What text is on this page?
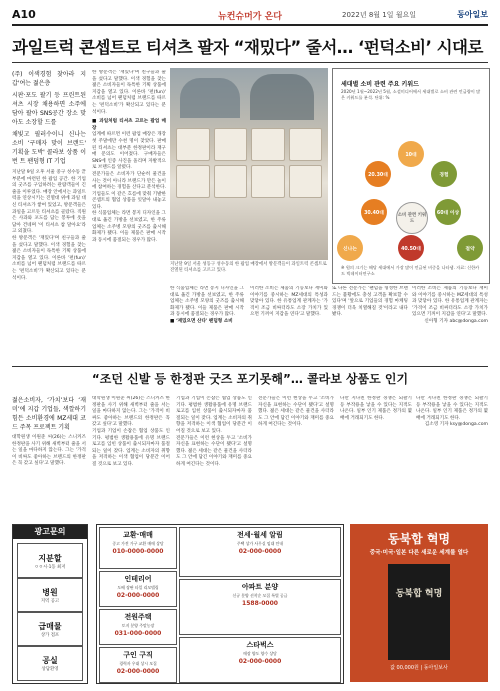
A10	뉴컨슈머가 온다	2022년 8월 1일 월요일	동아일보
과일트럭 콘셉트로 티셔츠 팔자 “재밌다” 줄서… ‘펀덕소비’ 시대로

(주) 이색경험 찾아라 지갑'여는 젊은층

시판·포도 팔기 등 프린트된 셔츠 시장 채용하면 소주에 담아 팔아 SNS공간 장소 맞아도 소장할 드를

채빛고 필러수이니 신나는 소비 ‘구매자 맞이 브랜드' 기획을 도박' 콜라보 상품 이번 트 팬덤형 IT 기업

지난달 9일 오후 서울 중구 성수동 끝부분에 마련된 한 팝업 공간. 한 기업의 굿즈를 구입하려는 관람객들이 긴 줄을 이루었다. 매장 안에서는 과일트럭을 연상시키는 진열대 위에 과일 대신 티셔츠가 쌓여 있었고, 방문객들은 과일을 고르듯 티셔츠를 골랐다. 직원은 사과와 포도를 담는 봉투에 옷을 담아 건네며 '이 티셔츠 참 달아요'라고 외쳤다.

한 방문객은 '재밌다'며 친구들과 줄을 섰다고 말했다. 이색 경험을 찾는 젊은 소비자들이 독특한 기획 상품에 지갑을 열고 있다. 이른바 '펀(fun)' 소비를 넘어 팬덤처럼 브랜드를 따르는 '펀덕소비'가 확산되고 있다는 분석이다.

한 방문객은 '재밌다'며 친구들과 줄을 섰다고 말했다. 이색 경험을 찾는 젊은 소비자들이 독특한 기획 상품에 지갑을 열고 있다. 이른바 '펀(fun)' 소비를 넘어 팬덤처럼 브랜드를 따르는 '펀덕소비'가 확산되고 있다는 분석이다.

■ 과일처럼 티셔츠 고르는 팝업 매장

업계에 따르면 이런 팝업 매장은 개장 첫 주말에만 수천 명이 찾았다. 판매된 티셔츠는 대부분 한정판이라 재구매 문의도 이어졌다. 구매자들은 SNS에 인증 사진을 올리며 자발적으로 브랜드를 알렸다.

전문가들은 소비자가 단순히 물건을 사는 것이 아니라 브랜드가 만든 놀이에 참여하는 경험을 산다고 분석한다. 기업들도 이 같은 흐름에 맞춰 기발한 콘셉트의 협업 상품을 잇달아 내놓고 있다.

한 식품업체는 라면 봉지 디자인을 그대로 옮긴 가방을 선보였고, 한 주류업체는 소주병 모양의 굿즈를 출시해 화제가 됐다. 이들 제품은 판매 시작과 동시에 품절되는 경우가 많다.

지난달 9일 서울 성동구 성수동의 한 팝업 매장에서 방문객들이 과일트럭 콘셉트로 진열된 티셔츠를 고르고 있다.
세대별 소비 관련 주요 키워드
2020년 1월~2022년 5월, 소셜미디어에서 세대별로 소비 관련 언급량이 많은 키워드를 분석. 단위: %
소비 관련 키워드
10대
경험
20.30대
60대 이상
30.40대
40.50대
신나는	절약
※ 원의 크기는 해당 세대에서 가장 많이 언급된 비중을 나타냄. 자료: 신한카드 빅데이터연구소

한 식품업체는 라면 봉지 디자인을 그대로 옮긴 가방을 선보였고, 한 주류업체는 소주병 모양의 굿즈를 출시해 화제가 됐다. 이들 제품은 판매 시작과 동시에 품절되는 경우가 많다.

■ ‘재밌으면 산다' 팬덤형 소비

이러한 소비는 제품의 기능보다 재미와 이야기를 중시하는 MZ세대의 특성과 맞닿아 있다. 한 유통업계 관계자는 '가격이 조금 비싸더라도 소장 가치가 있으면 기꺼이 지갑을 연다'고 말했다.

또 다른 전문가는 '팬덤을 형성한 브랜드는 불황에도 충성 고객을 확보할 수 있다'며 '앞으로 기업들의 경험 마케팅 경쟁이 더욱 치열해질 것'이라고 내다봤다.

이러한 소비는 제품의 기능보다 재미와 이야기를 중시하는 MZ세대의 특성과 맞닿아 있다. 한 유통업계 관계자는 '가격이 조금 비싸더라도 소장 가치가 있으면 기꺼이 지갑을 연다'고 말했다.

신아형 기자 abc@donga.com

“조던 신발 등 한정판 굿즈 포기못해”… 콜라보 상품도 인기

젊은소비자, ‘가치’보다 ‘재미’에 지갑 기업들, 색깔하기 힘든 소비환경에 MZ세대 코드 주목 프로젝트 기획

대학원생 이원준 씨(26)는 스니커즈 한정판을 사기 위해 새벽부터 줄을 서는 일을 마다하지 않는다. 그는 '가격이 비싸도 좋아하는 브랜드의 한정판은 꼭 갖고 싶다'고 말했다.

대학원생 이원준 씨(26)는 스니커즈 한정판을 사기 위해 새벽부터 줄을 서는 일을 마다하지 않는다. 그는 '가격이 비싸도 좋아하는 브랜드의 한정판은 꼭 갖고 싶다'고 말했다.

기업과 기업이 손잡은 협업 상품도 인기다. 평범한 생활용품에 유명 브랜드 로고를 입힌 상품이 출시되자마자 품절되는 일이 잦다. 업계는 소비자의 취향을 저격하는 이색 협업이 당분간 이어질 것으로 보고 있다.

기업과 기업이 손잡은 협업 상품도 인기다. 평범한 생활용품에 유명 브랜드 로고를 입힌 상품이 출시되자마자 품절되는 일이 잦다. 업계는 소비자의 취향을 저격하는 이색 협업이 당분간 이어질 것으로 보고 있다.

전문가들은 이런 현상을 두고 '소비가 자신을 표현하는 수단이 됐다'고 설명했다. 젊은 세대는 같은 물건을 사더라도 그 안에 담긴 이야기와 재미를 중요하게 여긴다는 것이다.

전문가들은 이런 현상을 두고 '소비가 자신을 표현하는 수단이 됐다'고 설명했다. 젊은 세대는 같은 물건을 사더라도 그 안에 담긴 이야기와 재미를 중요하게 여긴다는 것이다.

다만 지나친 한정판 경쟁은 되팔기 등 부작용을 낳을 수 있다는 지적도 나온다. 일부 인기 제품은 정가의 몇 배에 거래되기도 한다.

다만 지나친 한정판 경쟁은 되팔기 등 부작용을 낳을 수 있다는 지적도 나온다. 일부 인기 제품은 정가의 몇 배에 거래되기도 한다.

김소영 기자 ksy@donga.com

광고문의
지분할
ㅇㅇ시·1동 최저
병원
지역 공고
급매물
상가 점포
공실
상담환영
교환·매매
중고 가전 가구 교환 매매 상담
010-0000-0000
전세·월세 알림
주택 상가 사무실 임대 안내
02-000-0000
인테리어
도배 장판 타일 리모델링
02-000-0000
아파트 분양
신규 분양 선착순 모집 특별 공급
1588-0000
전원주택
토지 분양 주말농장
031-000-0000
구인 구직
경력자 우대 상시 모집
02-000-0000
스타벅스
매장 양도 양수 상담
02-000-0000
동북합 혁명
중국·미국·일본 다른 새로운 세계를 열다
동북합 혁명
값 00,000원 | 동아일보사
